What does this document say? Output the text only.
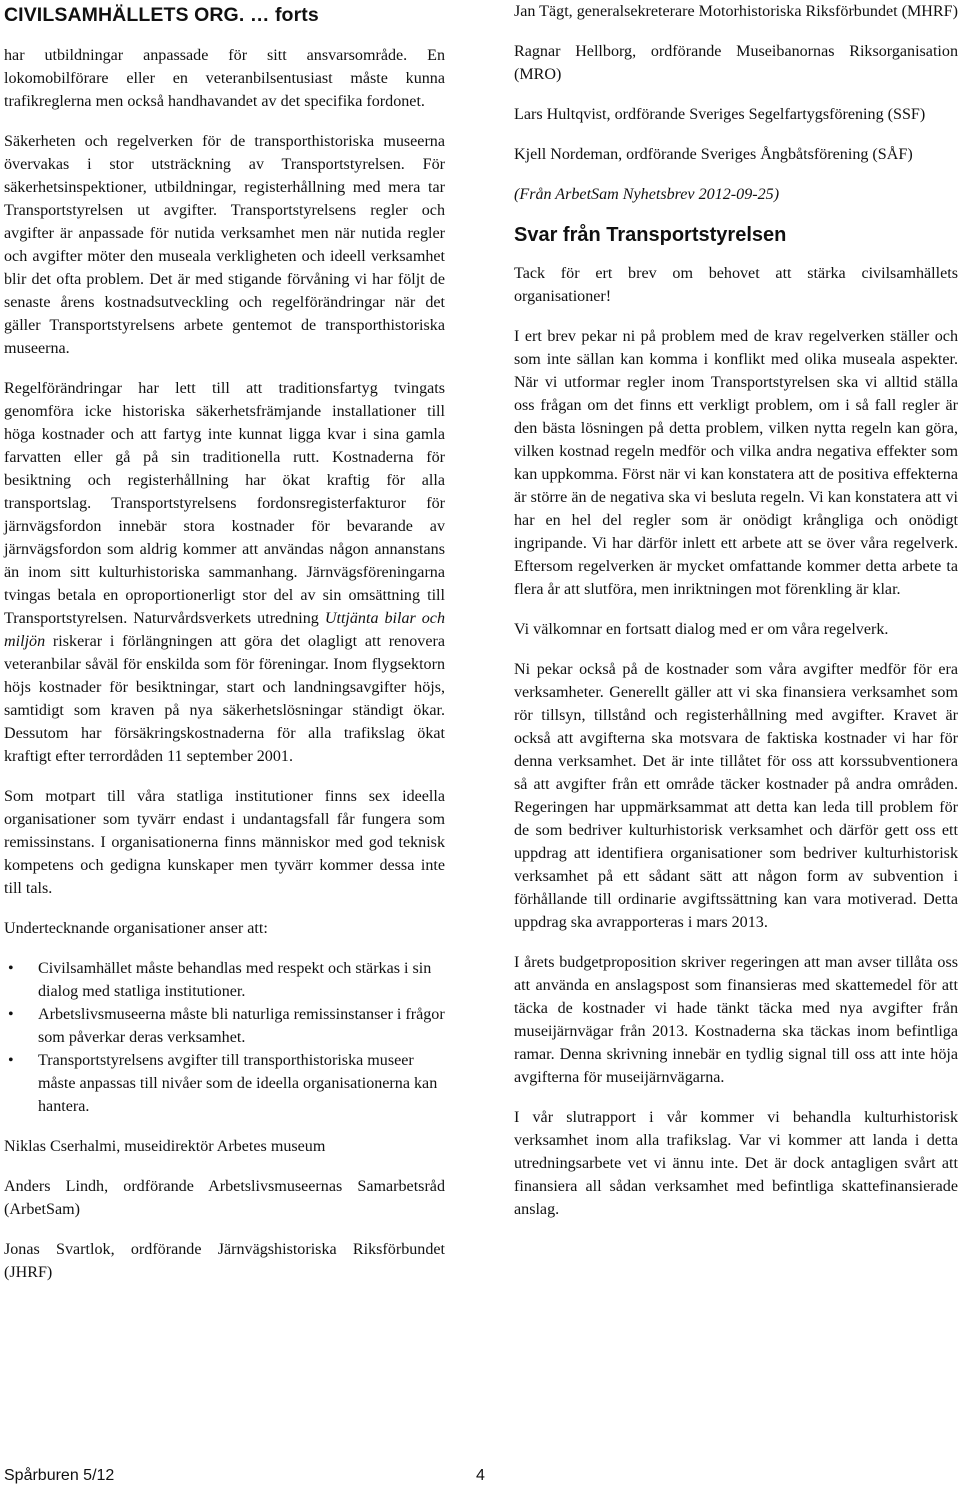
CIVILSAMHÄLLETS ORG. … forts

har utbildningar anpassade för sitt ansvarsområde. En lokomobilförare eller en veteranbilsentusiast måste kunna trafikreglerna men också handhavandet av det specifika fordonet.

Säkerheten och regelverken för de transporthistoriska museerna övervakas i stor utsträckning av Transportstyrelsen. För säkerhetsinspektioner, utbildningar, registerhållning med mera tar Transportstyrelsen ut avgifter. Transportstyrelsens regler och avgifter är anpassade för nutida verksamhet men när nutida regler och avgifter möter den museala verkligheten och ideell verksamhet blir det ofta problem. Det är med stigande förvåning vi har följt de senaste årens kostnadsutveckling och regelförändringar när det gäller Transportstyrelsens arbete gentemot de transporthistoriska museerna.

Regelförändringar har lett till att traditionsfartyg tvingats genomföra icke historiska säkerhetsfrämjande installationer till höga kostnader och att fartyg inte kunnat ligga kvar i sina gamla farvatten eller gå på sin traditionella rutt. Kostnaderna för besiktning och registerhållning har ökat kraftig för alla transportslag. Transportstyrelsens fordonsregisterfakturor för järnvägsfordon innebär stora kostnader för bevarande av järnvägsfordon som aldrig kommer att användas någon annanstans än inom sitt kulturhistoriska sammanhang. Järnvägsföreningarna tvingas betala en oproportionerligt stor del av sin omsättning till Transportstyrelsen. Naturvårdsverkets utredning Uttjänta bilar och miljön riskerar i förlängningen att göra det olagligt att renovera veteranbilar såväl för enskilda som för föreningar. Inom flygsektorn höjs kostnader för besiktningar, start och landningsavgifter höjs, samtidigt som kraven på nya säkerhetslösningar ständigt ökar. Dessutom har försäkringskostnaderna för alla trafikslag ökat kraftigt efter terrordåden 11 september 2001.

Som motpart till våra statliga institutioner finns sex ideella organisationer som tyvärr endast i undantagsfall får fungera som remissinstans. I organisationerna finns människor med god teknisk kompetens och gedigna kunskaper men tyvärr kommer dessa inte till tals.

Undertecknande organisationer anser att:

• Civilsamhället måste behandlas med respekt och stärkas i sin dialog med statliga institutioner.
• Arbetslivsmuseerna måste bli naturliga remissinstanser i frågor som påverkar deras verksamhet.
• Transportstyrelsens avgifter till transporthistoriska museer måste anpassas till nivåer som de ideella organisationerna kan hantera.

Niklas Cserhalmi, museidirektör Arbetes museum

Anders Lindh, ordförande Arbetslivsmuseernas Samarbetsråd (ArbetSam)

Jonas Svartlok, ordförande Järnvägshistoriska Riksförbundet (JHRF)

Jan Tägt, generalsekreterare Motorhistoriska Riksförbundet (MHRF)

Ragnar Hellborg, ordförande Museibanornas Riksorganisation (MRO)

Lars Hultqvist, ordförande Sveriges Segelfartygsförening (SSF)

Kjell Nordeman, ordförande Sveriges Ångbåtsförening (SÅF)

(Från ArbetSam Nyhetsbrev 2012-09-25)

Svar från Transportstyrelsen

Tack för ert brev om behovet att stärka civilsamhällets organisationer!

I ert brev pekar ni på problem med de krav regelverken ställer och som inte sällan kan komma i konflikt med olika museala aspekter. När vi utformar regler inom Transportstyrelsen ska vi alltid ställa oss frågan om det finns ett verkligt problem, om i så fall regler är den bästa lösningen på detta problem, vilken nytta regeln kan göra, vilken kostnad regeln medför och vilka andra negativa effekter som kan uppkomma. Först när vi kan konstatera att de positiva effekterna är större än de negativa ska vi besluta regeln. Vi kan konstatera att vi har en hel del regler som är onödigt krångliga och onödigt ingripande. Vi har därför inlett ett arbete att se över våra regelverk. Eftersom regelverken är mycket omfattande kommer detta arbete ta flera år att slutföra, men inriktningen mot förenkling är klar.

Vi välkomnar en fortsatt dialog med er om våra regelverk.

Ni pekar också på de kostnader som våra avgifter medför för era verksamheter. Generellt gäller att vi ska finansiera verksamhet som rör tillsyn, tillstånd och registerhållning med avgifter. Kravet är också att avgifterna ska motsvara de faktiska kostnader vi har för denna verksamhet. Det är inte tillåtet för oss att korssubventionera så att avgifter från ett område täcker kostnader på andra områden. Regeringen har uppmärksammat att detta kan leda till problem för de som bedriver kulturhistorisk verksamhet och därför gett oss ett uppdrag att identifiera organisationer som bedriver kulturhistorisk verksamhet på ett sådant sätt att någon form av subvention i förhållande till ordinarie avgiftssättning kan vara motiverad. Detta uppdrag ska avrapporteras i mars 2013.

I årets budgetproposition skriver regeringen att man avser tillåta oss att använda en anslagspost som finansieras med skattemedel för att täcka de kostnader vi hade tänkt täcka med nya avgifter från museijärnvägar från 2013. Kostnaderna ska täckas inom befintliga ramar. Denna skrivning innebär en tydlig signal till oss att inte höja avgifterna för museijärnvägarna.

I vår slutrapport i vår kommer vi behandla kulturhistorisk verksamhet inom alla trafikslag. Var vi kommer att landa i detta utredningsarbete vet vi ännu inte. Det är dock antagligen svårt att finansiera all sådan verksamhet med befintliga skattefinansierade anslag.

Spårburen 5/12	4
